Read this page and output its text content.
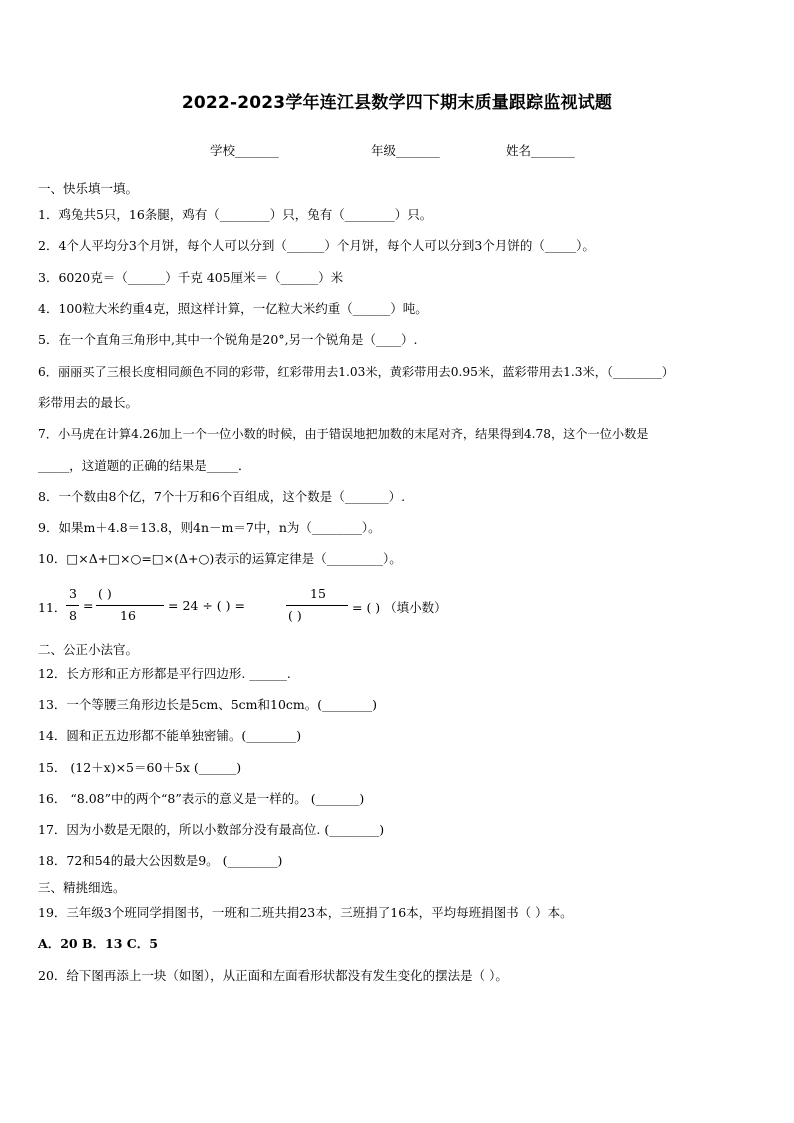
2022-2023学年连江县数学四下期末质量跟踪监视试题
学校_______	年级_______	姓名_______
一、快乐填一填。
1．鸡兔共5只，16条腿，鸡有（________）只，兔有（________）只。
2．4个人平均分3个月饼，每个人可以分到（______）个月饼，每个人可以分到3个月饼的（_____）。
3．6020克＝（______）千克 405厘米＝（______）米
4．100粒大米约重4克，照这样计算，一亿粒大米约重（______）吨。
5．在一个直角三角形中,其中一个锐角是20°,另一个锐角是（____）.
6．丽丽买了三根长度相同颜色不同的彩带，红彩带用去1.03米，黄彩带用去0.95米，蓝彩带用去1.3米，（________）
彩带用去的最长。
7．小马虎在计算4.26加上一个一位小数的时候，由于错误地把加数的末尾对齐，结果得到4.78，这个一位小数是
_____，这道题的正确的结果是_____．
8．一个数由8个亿，7个十万和6个百组成，这个数是（_______）.
9．如果m＋4.8＝13.8，则4n－m＝7中，n为（________）。
10．□×Δ+□×○=□×(Δ+○)表示的运算定律是（_________）。
11．
3
8
=
( )
16
= 24 ÷ ( ) =
15
( )
= ( ) （填小数）
二、公正小法官。
12．长方形和正方形都是平行四边形. ______.
13．一个等腰三角形边长是5cm、5cm和10cm。(________)
14．圆和正五边形都不能单独密铺。(________)
15． (12＋x)×5＝60＋5x (______)
16． “8.08”中的两个“8”表示的意义是一样的。 (_______)
17．因为小数是无限的，所以小数部分没有最高位. (________)
18．72和54的最大公因数是9。 (________)
三、精挑细选。
19．三年级3个班同学捐图书，一班和二班共捐23本，三班捐了16本，平均每班捐图书（ ）本。
A．20 B．13 C．5
20．给下图再添上一块（如图），从正面和左面看形状都没有发生变化的摆法是（ ）。
